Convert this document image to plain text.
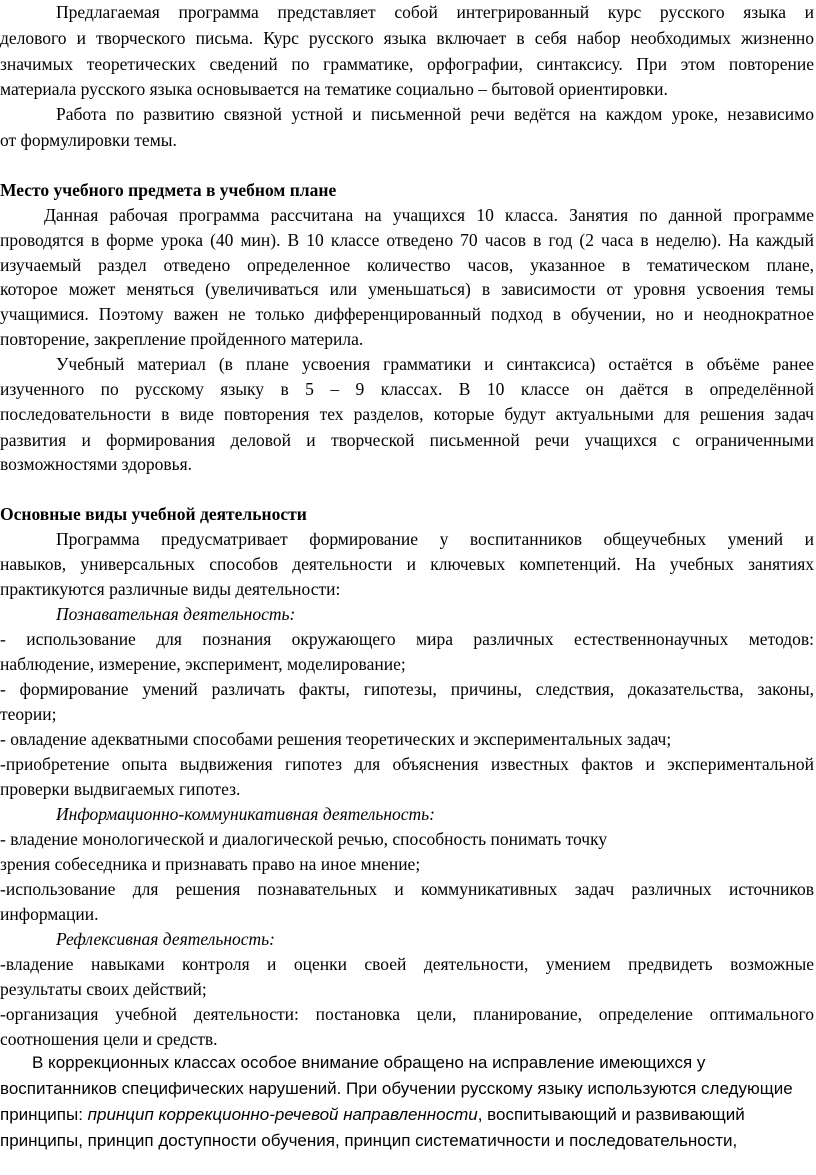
Предлагаемая программа представляет собой интегрированный курс русского языка и
делового и творческого письма. Курс русского языка включает в себя набор необходимых жизненно
значимых теоретических сведений по грамматике, орфографии, синтаксису. При этом повторение
материала русского языка основывается на тематике социально – бытовой ориентировки.
Работа по развитию связной устной и письменной речи ведётся на каждом уроке, независимо
от формулировки темы.
Место учебного предмета в учебном плане
Данная рабочая программа рассчитана на учащихся 10 класса. Занятия по данной программе
проводятся в форме урока (40 мин). В 10 классе отведено 70 часов в год (2 часа в неделю). На каждый
изучаемый раздел отведено определенное количество часов, указанное в тематическом плане,
которое может меняться (увеличиваться или уменьшаться) в зависимости от уровня усвоения темы
учащимися. Поэтому важен не только дифференцированный подход в обучении, но и неоднократное
повторение, закрепление пройденного материла.
Учебный материал (в плане усвоения грамматики и синтаксиса) остаётся в объёме ранее
изученного по русскому языку в 5 – 9 классах. В 10 классе он даётся в определённой
последовательности в виде повторения тех разделов, которые будут актуальными для решения задач
развития и формирования деловой и творческой письменной речи учащихся с ограниченными
возможностями здоровья.
Основные виды учебной деятельности
Программа предусматривает формирование у воспитанников общеучебных умений и
навыков, универсальных способов деятельности и ключевых компетенций. На учебных занятиях
практикуются различные виды деятельности:
Познавательная деятельность:
- использование для познания окружающего мира различных естественнонаучных методов:
наблюдение, измерение, эксперимент, моделирование;
- формирование умений различать факты, гипотезы, причины, следствия, доказательства, законы,
теории;
- овладение адекватными способами решения теоретических и экспериментальных задач;
-приобретение опыта выдвижения гипотез для объяснения известных фактов и экспериментальной
проверки выдвигаемых гипотез.
Информационно-коммуникативная деятельность:
- владение монологической и диалогической речью, способность понимать точку
зрения собеседника и признавать право на иное мнение;
-использование для решения познавательных и коммуникативных задач различных источников
информации.
Рефлексивная деятельность:
-владение навыками контроля и оценки своей деятельности, умением предвидеть возможные
результаты своих действий;
-организация учебной деятельности: постановка цели, планирование, определение оптимального
соотношения цели и средств.
В коррекционных классах особое внимание обращено на исправление имеющихся у
воспитанников специфических нарушений. При обучении русскому языку используются следующие
принципы: принцип коррекционно-речевой направленности, воспитывающий и развивающий
принципы, принцип доступности обучения, принцип систематичности и последовательности,
